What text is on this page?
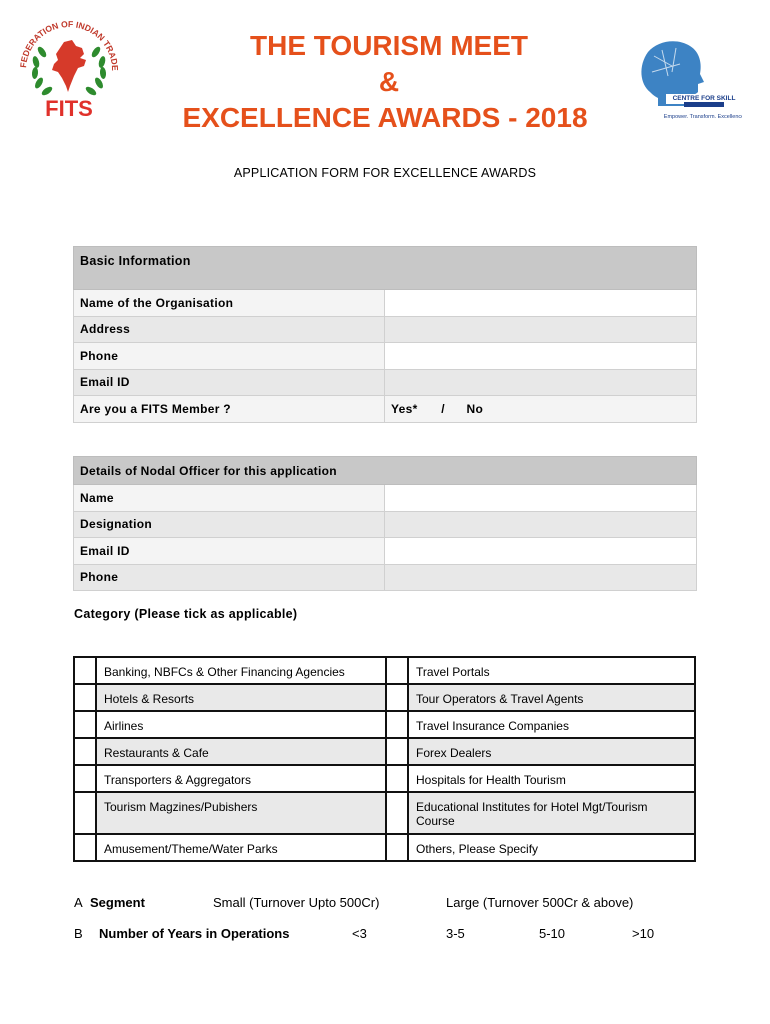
FEDERATION OF INDIAN TRADE
FITS
THE TOURISM MEET
&
EXCELLENCE AWARDS - 2018
CENTRE FOR SKILL
Empower. Transform. Excellence
APPLICATION FORM FOR EXCELLENCE AWARDS
Basic Information	
Name of the Organisation	
Address	
Phone	
Email ID	
Are you a FITS Member ?	Yes* / No
Details of Nodal Officer for this application	
Name	
Designation	
Email ID	
Phone	
Category (Please tick as applicable)
	Banking, NBFCs & Other Financing Agencies		Travel Portals
	Hotels & Resorts		Tour Operators & Travel Agents
	Airlines		Travel Insurance Companies
	Restaurants & Cafe		Forex Dealers
	Transporters & Aggregators		Hospitals for Health Tourism
	Tourism Magzines/Pubishers		Educational Institutes for Hotel Mgt/Tourism Course
	Amusement/Theme/Water Parks		Others, Please Specify
A Segment	Small (Turnover Upto 500Cr)	Large (Turnover 500Cr & above)
B Number of Years in Operations	<3	3-5	5-10	>10
